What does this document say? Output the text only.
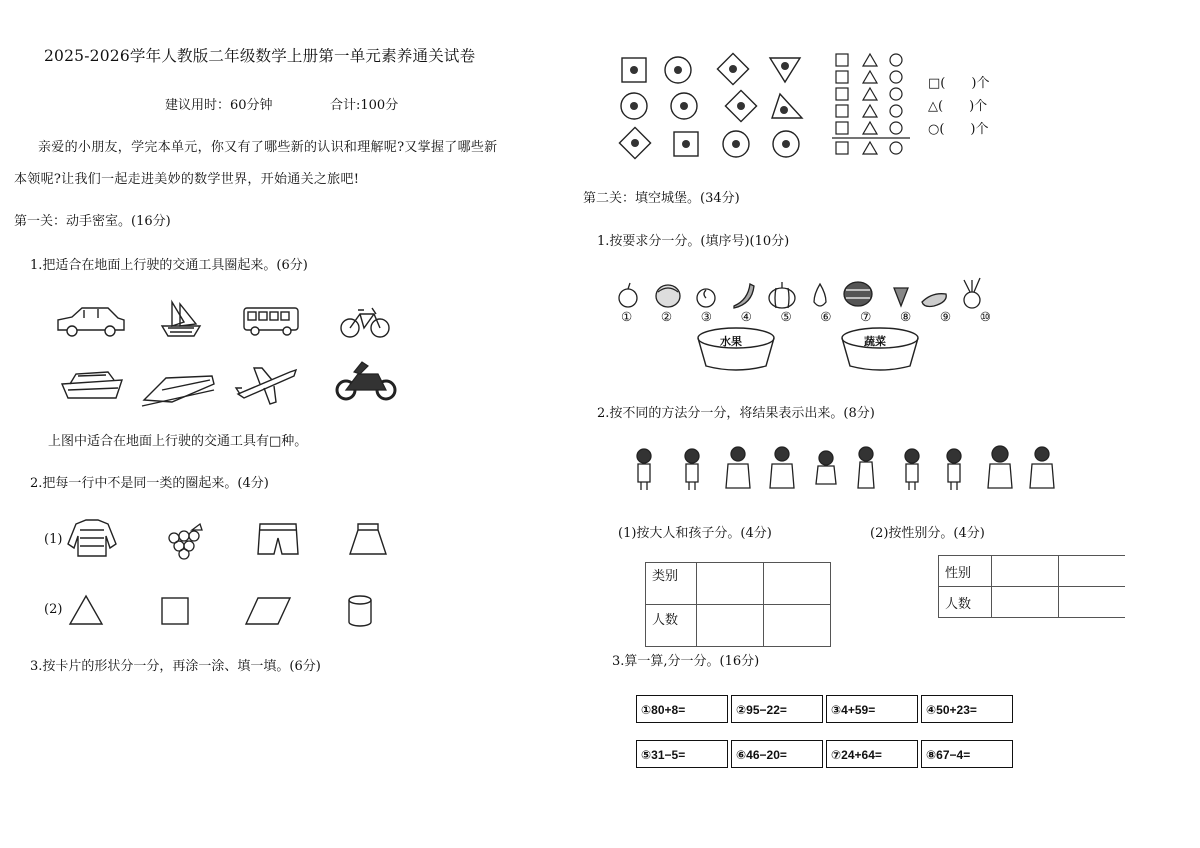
2025-2026学年人教版二年级数学上册第一单元素养通关试卷
建议用时：60分钟	合计:100分
亲爱的小朋友，学完本单元，你又有了哪些新的认识和理解呢?又掌握了哪些新
本领呢?让我们一起走进美妙的数学世界，开始通关之旅吧!
第一关：动手密室。(16分)
1.把适合在地面上行驶的交通工具圈起来。(6分)
上图中适合在地面上行驶的交通工具有□种。
2.把每一行中不是同一类的圈起来。(4分)
(1)
(2)
3.按卡片的形状分一分，再涂一涂、填一填。(6分)
□(　　)个
△(　　)个
○(　　)个
第二关：填空城堡。(34分)
1.按要求分一分。(填序号)(10分)
① ② ③ ④ ⑤ ⑥ ⑦ ⑧ ⑨ ⑩
水果	蔬菜
2.按不同的方法分一分，将结果表示出来。(8分)
(1)按大人和孩子分。(4分)	(2)按性别分。(4分)
类别		
人数		
性别		
人数		
3.算一算,分一分。(16分)
①80+8=	②95−22=	③4+59=	④50+23=
⑤31−5=	⑥46−20=	⑦24+64=	⑧67−4=
